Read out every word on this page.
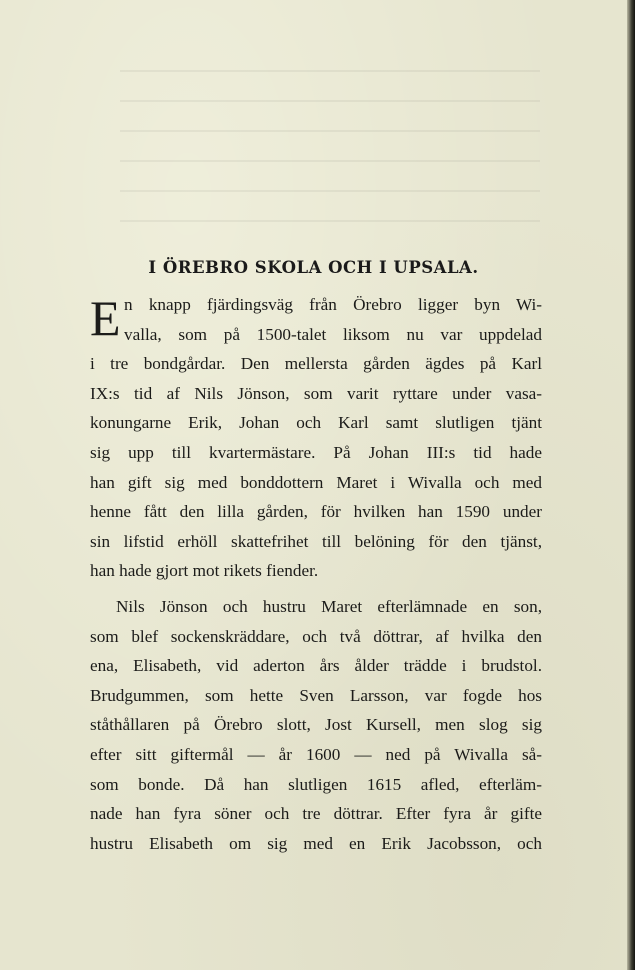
I ÖREBRO SKOLA OCH I UPSALA.
E n knapp fjärdingsväg från Örebro ligger byn Wi-
valla, som på 1500-talet liksom nu var uppdelad
i tre bondgårdar. Den mellersta gården ägdes på Karl
IX:s tid af Nils Jönson, som varit ryttare under vasa-
konungarne Erik, Johan och Karl samt slutligen tjänt
sig upp till kvartermästare. På Johan III:s tid hade
han gift sig med bonddottern Maret i Wivalla och med
henne fått den lilla gården, för hvilken han 1590 under
sin lifstid erhöll skattefrihet till belöning för den tjänst,
han hade gjort mot rikets fiender.
Nils Jönson och hustru Maret efterlämnade en son,
som blef sockenskräddare, och två döttrar, af hvilka den
ena, Elisabeth, vid aderton års ålder trädde i brudstol.
Brudgummen, som hette Sven Larsson, var fogde hos
ståthållaren på Örebro slott, Jost Kursell, men slog sig
efter sitt giftermål — år 1600 — ned på Wivalla så-
som bonde. Då han slutligen 1615 afled, efterläm-
nade han fyra söner och tre döttrar. Efter fyra år gifte
hustru Elisabeth om sig med en Erik Jacobsson, och
